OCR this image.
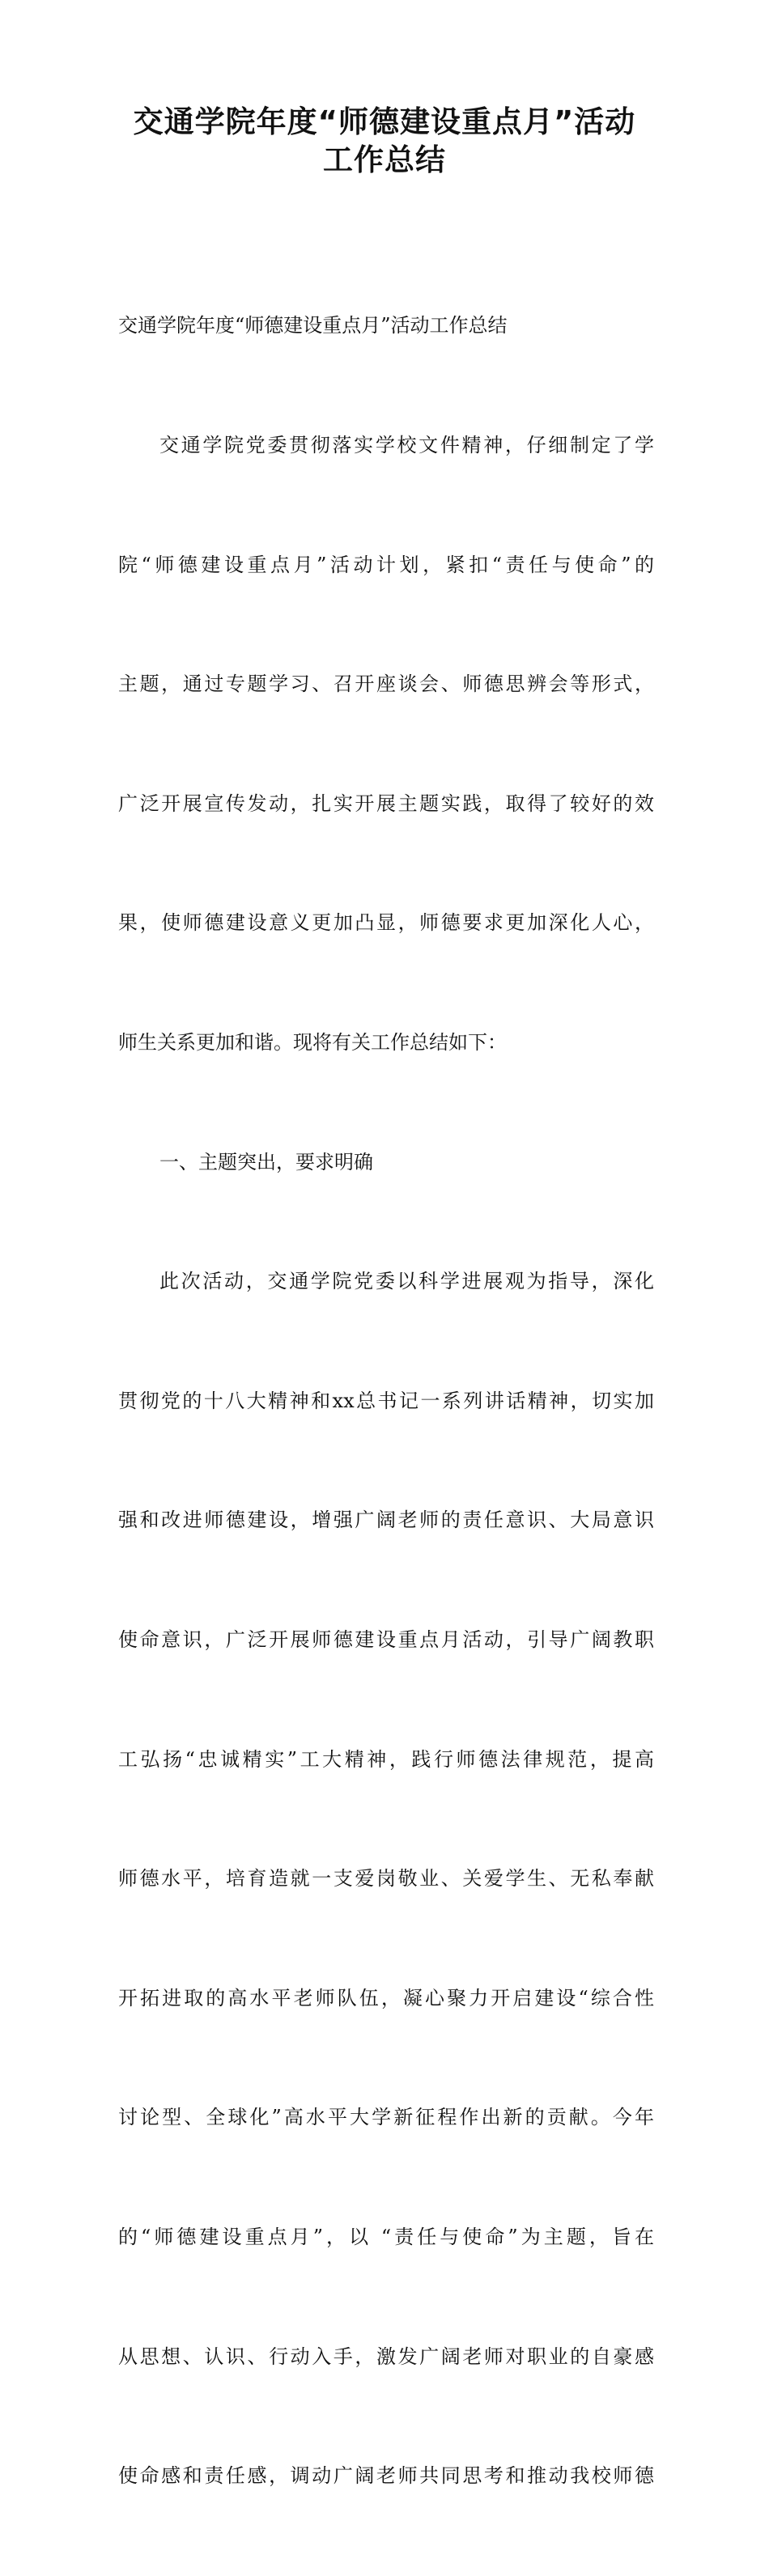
交通学院年度“师德建设重点月”活动
工作总结

交通学院年度“师德建设重点月”活动工作总结

交通学院党委贯彻落实学校文件精神，仔细制定了学

院“师德建设重点月”活动计划，紧扣“责任与使命”的

主题，通过专题学习、召开座谈会、师德思辨会等形式，

广泛开展宣传发动，扎实开展主题实践，取得了较好的效

果，使师德建设意义更加凸显，师德要求更加深化人心，

师生关系更加和谐。现将有关工作总结如下：

一、主题突出，要求明确

此次活动，交通学院党委以科学进展观为指导，深化

贯彻党的十八大精神和xx总书记一系列讲话精神，切实加

强和改进师德建设，增强广阔老师的责任意识、大局意识

使命意识，广泛开展师德建设重点月活动，引导广阔教职

工弘扬“忠诚精实”工大精神，践行师德法律规范，提高

师德水平，培育造就一支爱岗敬业、关爱学生、无私奉献

开拓进取的高水平老师队伍，凝心聚力开启建设“综合性

讨论型、全球化”高水平大学新征程作出新的贡献。今年

的“师德建设重点月”，以 “责任与使命”为主题，旨在

从思想、认识、行动入手，激发广阔老师对职业的自豪感

使命感和责任感，调动广阔老师共同思考和推动我校师德
